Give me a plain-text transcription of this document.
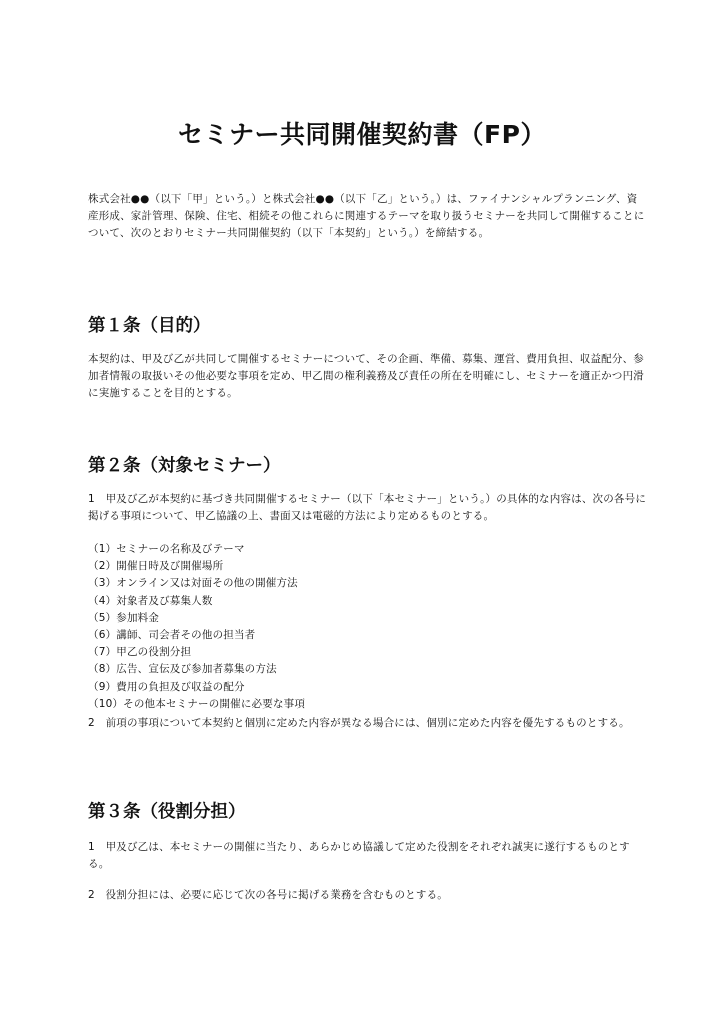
セミナー共同開催契約書（FP）
株式会社●●（以下「甲」という。）と株式会社●●（以下「乙」という。）は、ファイナンシャルプランニング、資産形成、家計管理、保険、住宅、相続その他これらに関連するテーマを取り扱うセミナーを共同して開催することについて、次のとおりセミナー共同開催契約（以下「本契約」という。）を締結する。
第１条（目的）
本契約は、甲及び乙が共同して開催するセミナーについて、その企画、準備、募集、運営、費用負担、収益配分、参加者情報の取扱いその他必要な事項を定め、甲乙間の権利義務及び責任の所在を明確にし、セミナーを適正かつ円滑に実施することを目的とする。
第２条（対象セミナー）
1　甲及び乙が本契約に基づき共同開催するセミナー（以下「本セミナー」という。）の具体的な内容は、次の各号に掲げる事項について、甲乙協議の上、書面又は電磁的方法により定めるものとする。
（1）セミナーの名称及びテーマ
（2）開催日時及び開催場所
（3）オンライン又は対面その他の開催方法
（4）対象者及び募集人数
（5）参加料金
（6）講師、司会者その他の担当者
（7）甲乙の役割分担
（8）広告、宣伝及び参加者募集の方法
（9）費用の負担及び収益の配分
（10）その他本セミナーの開催に必要な事項
2　前項の事項について本契約と個別に定めた内容が異なる場合には、個別に定めた内容を優先するものとする。
第３条（役割分担）
1　甲及び乙は、本セミナーの開催に当たり、あらかじめ協議して定めた役割をそれぞれ誠実に遂行するものとする。
2　役割分担には、必要に応じて次の各号に掲げる業務を含むものとする。
